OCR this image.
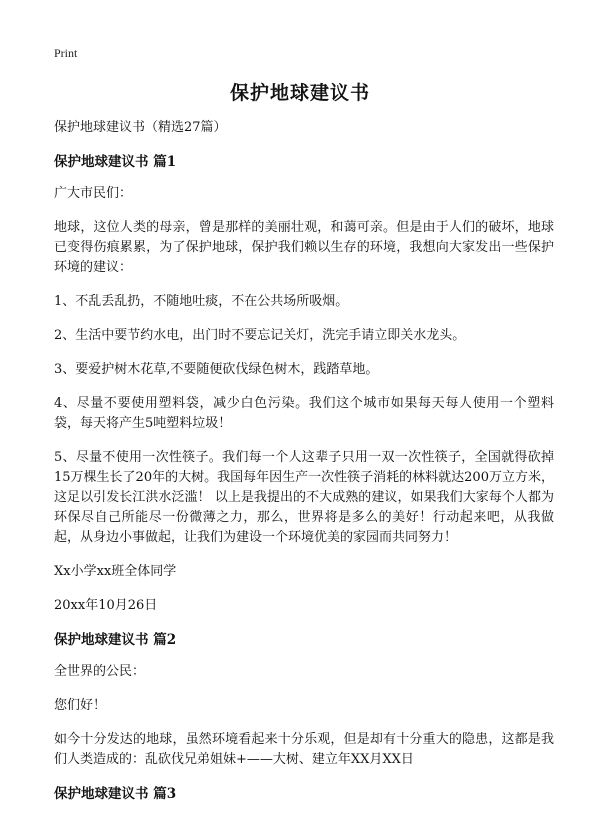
Print
保护地球建议书

保护地球建议书（精选27篇）

保护地球建议书 篇1

广大市民们：

地球，这位人类的母亲，曾是那样的美丽壮观，和蔼可亲。但是由于人们的破坏，地球已变得伤痕累累，为了保护地球，保护我们赖以生存的环境，我想向大家发出一些保护环境的建议：

1、不乱丢乱扔，不随地吐痰，不在公共场所吸烟。

2、生活中要节约水电，出门时不要忘记关灯，洗完手请立即关水龙头。

3、要爱护树木花草,不要随便砍伐绿色树木，践踏草地。

4、尽量不要使用塑料袋，减少白色污染。我们这个城市如果每天每人使用一个塑料袋，每天将产生5吨塑料垃圾！

5、尽量不使用一次性筷子。我们每一个人这辈子只用一双一次性筷子，全国就得砍掉15万棵生长了20年的大树。我国每年因生产一次性筷子消耗的林料就达200万立方米，这足以引发长江洪水泛滥！ 以上是我提出的不大成熟的建议，如果我们大家每个人都为环保尽自己所能尽一份微薄之力，那么，世界将是多么的美好！行动起来吧，从我做起，从身边小事做起，让我们为建设一个环境优美的家园而共同努力！

Xx小学xx班全体同学

20xx年10月26日

保护地球建议书 篇2

全世界的公民：

您们好！

如今十分发达的地球，虽然环境看起来十分乐观，但是却有十分重大的隐患，这都是我们人类造成的：乱砍伐兄弟姐妹+——大树、建立年XX月XX日

保护地球建议书 篇3
